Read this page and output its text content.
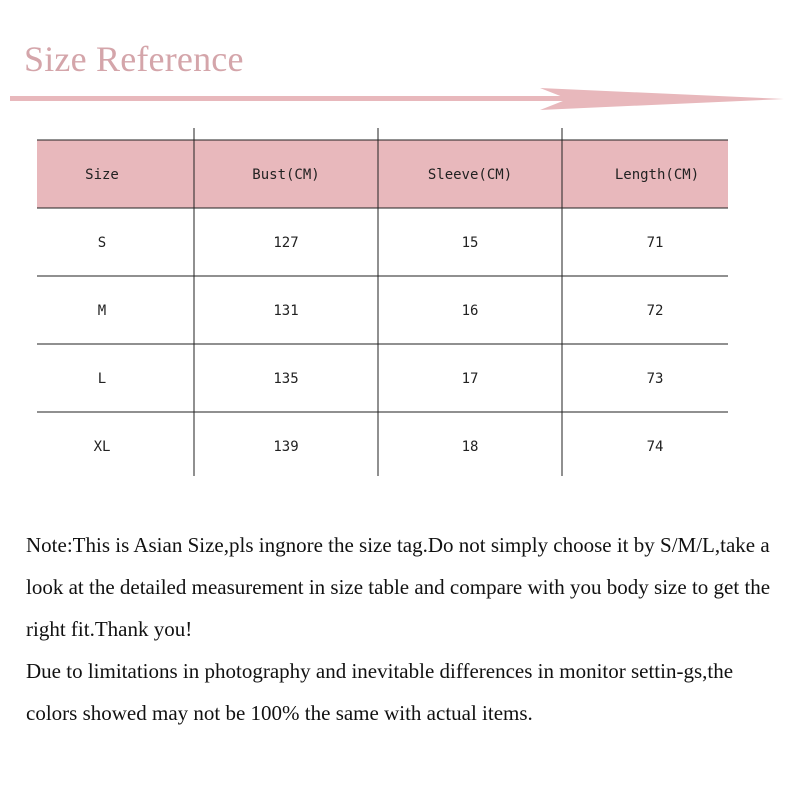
Size Reference
Size	Bust(CM)	Sleeve(CM)	Length(CM)
S	127	15	71
M	131	16	72
L	135	17	73
XL	139	18	74

Note:This is Asian Size,pls ingnore the size tag.Do not simply choose it by S/M/L,take a look at the detailed measurement in size table and compare with you body size to get the right fit.Thank you!

Due to limitations in photography and inevitable differences in monitor settin-gs,the colors showed may not be 100% the same with actual items.
